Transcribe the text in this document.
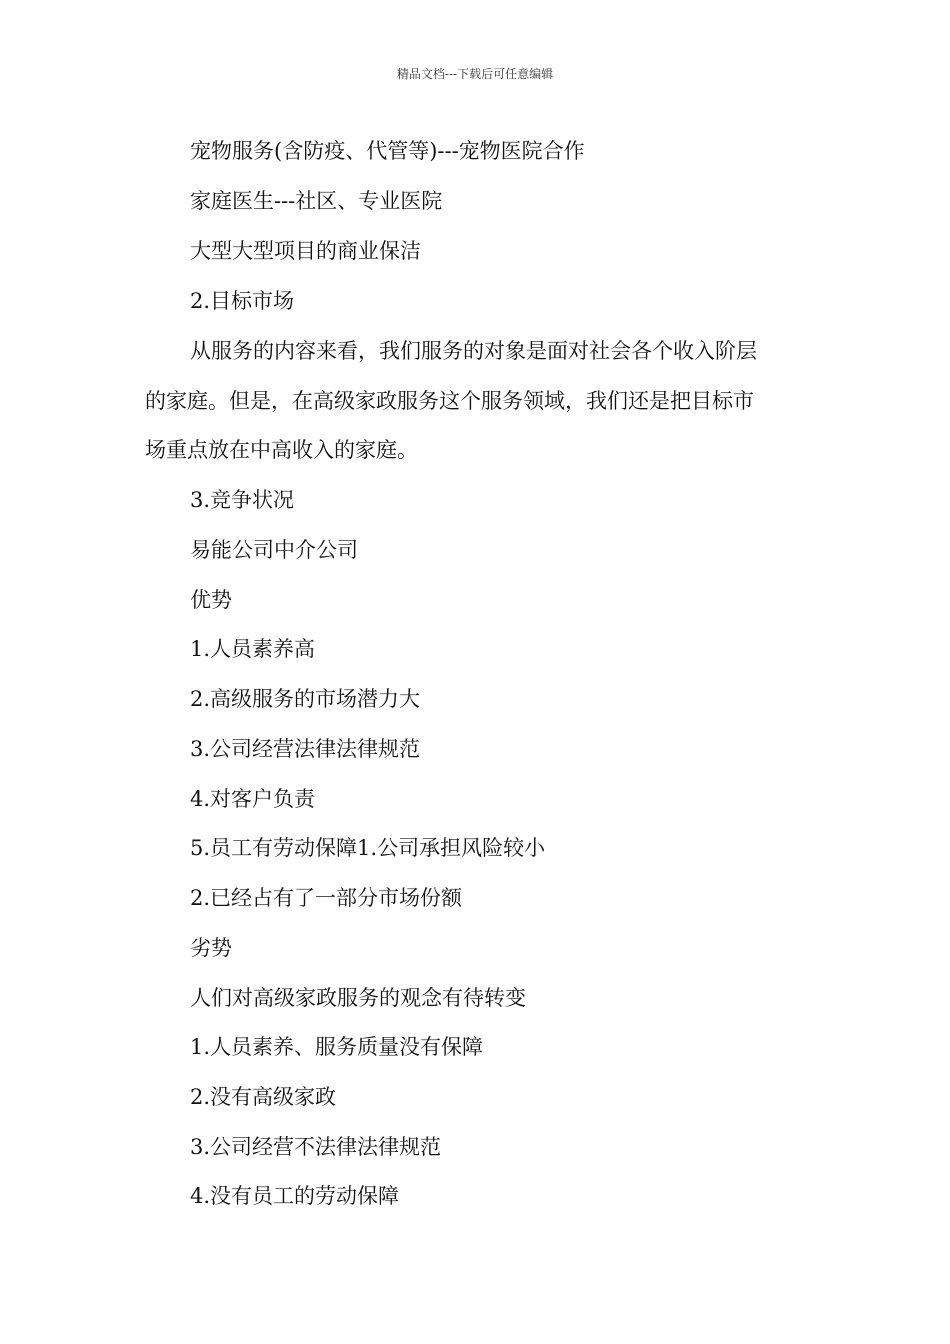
精品文档---下载后可任意编辑
宠物服务(含防疫、代管等)---宠物医院合作
家庭医生---社区、专业医院
大型大型项目的商业保洁
2.目标市场
从服务的内容来看，我们服务的对象是面对社会各个收入阶层
的家庭。但是，在高级家政服务这个服务领域，我们还是把目标市
场重点放在中高收入的家庭。
3.竞争状况
易能公司中介公司
优势
1.人员素养高
2.高级服务的市场潜力大
3.公司经营法律法律规范
4.对客户负责
5.员工有劳动保障1.公司承担风险较小
2.已经占有了一部分市场份额
劣势
人们对高级家政服务的观念有待转变
1.人员素养、服务质量没有保障
2.没有高级家政
3.公司经营不法律法律规范
4.没有员工的劳动保障
